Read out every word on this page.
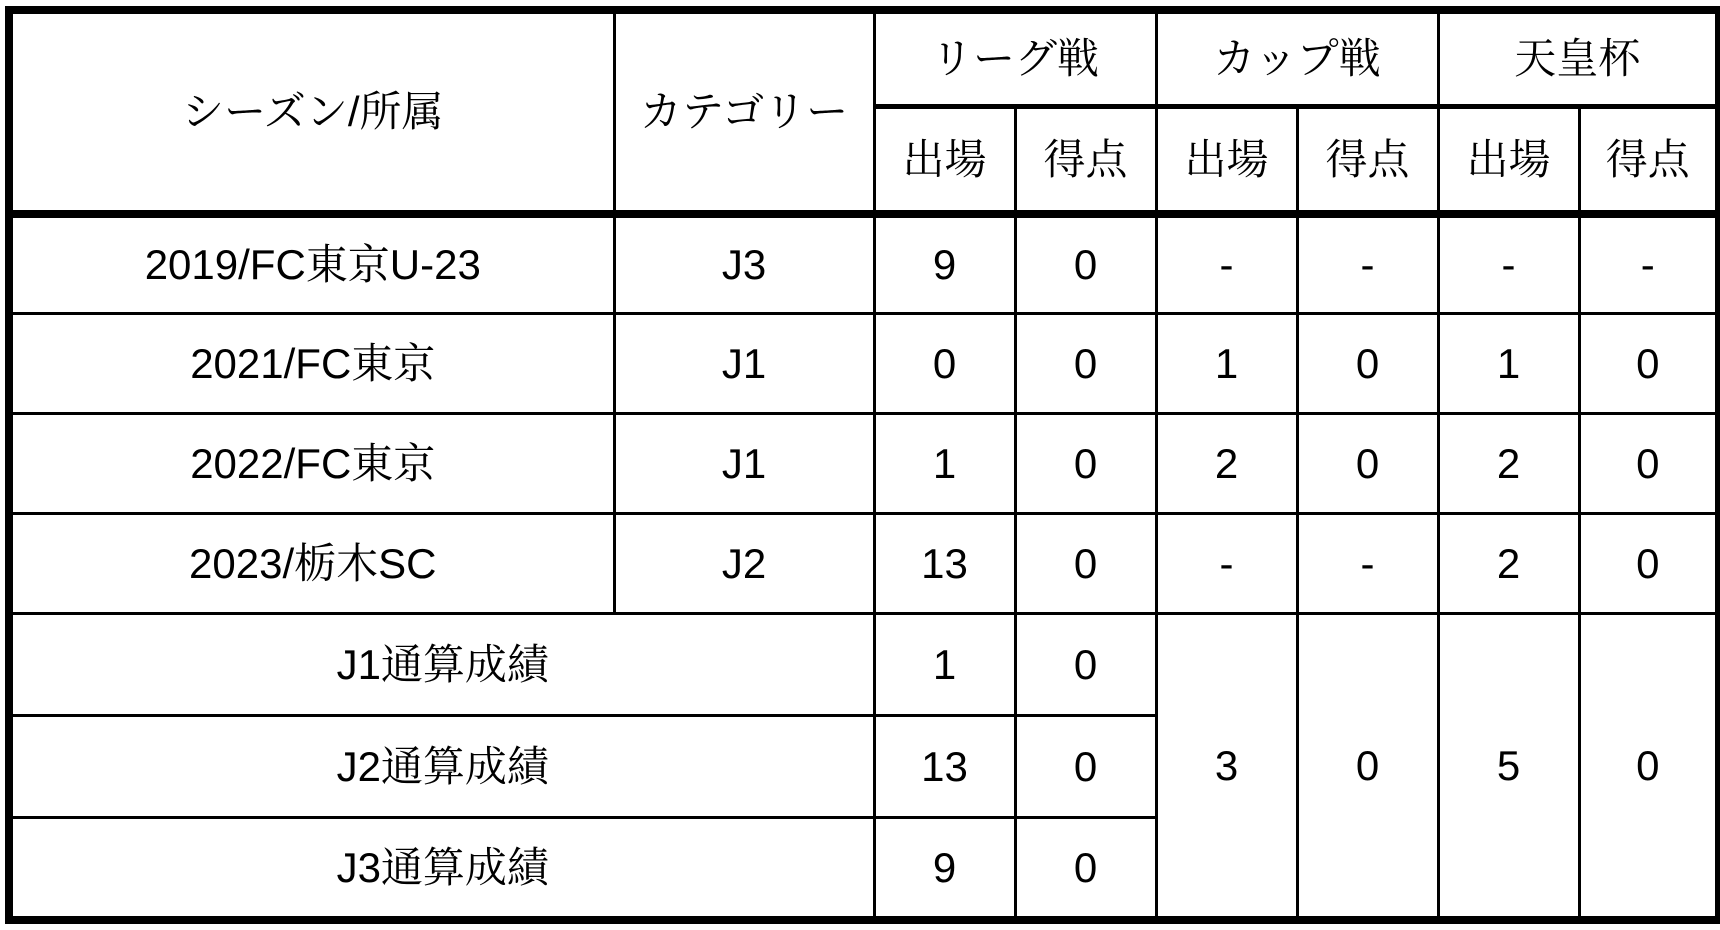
シーズン/所属	カテゴリー	リーグ戦		カップ戦		天皇杯	
		出場	得点	出場	得点	出場	得点
2019/FC東京U-23	J3	9	0	-	-	-	-
2021/FC東京	J1	0	0	1	0	1	0
2022/FC東京	J1	1	0	2	0	2	0
2023/栃木SC	J2	13	0	-	-	2	0
J1通算成績		1	0	3	0	5	0
J2通算成績		13	0				
J3通算成績		9	0				
